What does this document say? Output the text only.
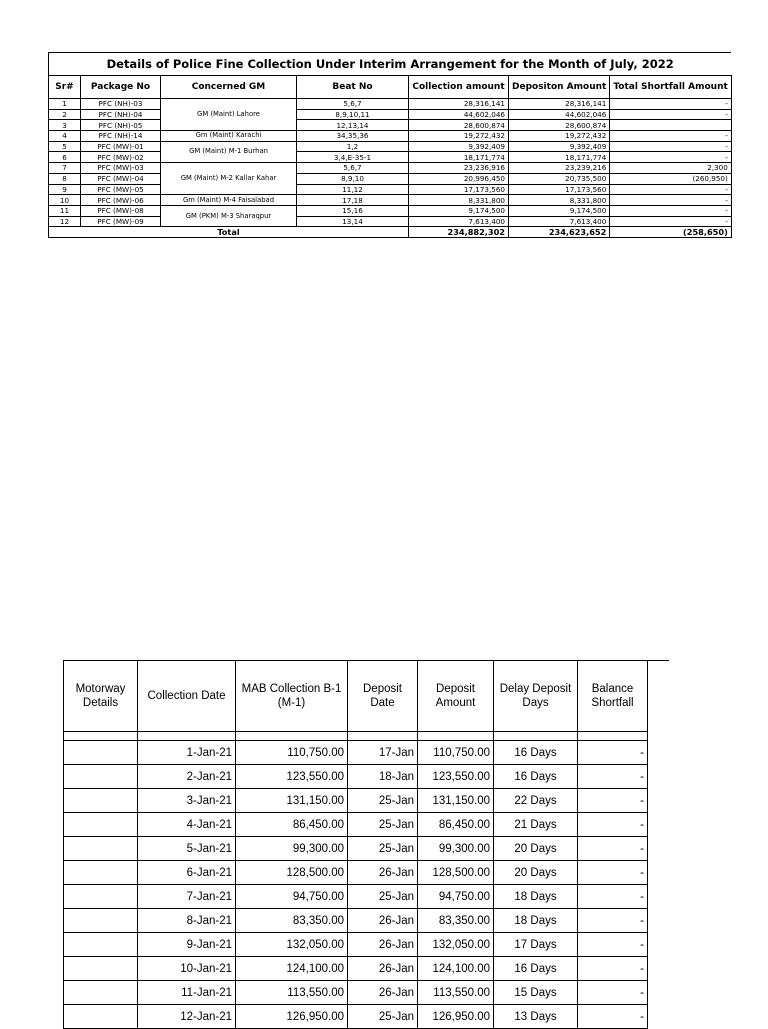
Details of Police Fine Collection Under Interim Arrangement for the Month of July, 2022						
Sr#	Package No	Concerned GM	Beat No	Collection amount	Depositon Amount	Total Shortfall Amount
1	PFC (NH)-03	GM (Maint) Lahore	5,6,7	28,316,141	28,316,141	-
2	PFC (NH)-04		8,9,10,11	44,602,046	44,602,046	-
3	PFC (NH)-05		12,13,14	28,600,874	28,600,874	
4	PFC (NH)-14	Gm (Maint) Karachi	34,35,36	19,272,432	19,272,432	-
5	PFC (MW)-01	GM (Maint) M-1 Burhan	1,2	9,392,409	9,392,409	-
6	PFC (MW)-02		3,4,E-35-1	18,171,774	18,171,774	-
7	PFC (MW)-03	GM (Maint) M-2 Kallar Kahar	5,6,7	23,236,916	23,239,216	2,300
8	PFC (MW)-04		8,9,10	20,996,450	20,735,500	(260,950)
9	PFC (MW)-05		11,12	17,173,560	17,173,560	-
10	PFC (MW)-06	Gm (Maint) M-4 Faisalabad	17,18	8,331,800	8,331,800	-
11	PFC (MW)-08	GM (PKM) M-3 Sharaqpur	15,16	9,174,500	9,174,500	-
12	PFC (MW)-09		13,14	7,613,400	7,613,400	-
Total				234,882,302	234,623,652	(258,650)
Motorway Details	Collection Date	MAB Collection B-1 (M-1)	Deposit Date	Deposit Amount	Delay Deposit Days	Balance Shortfall

	1-Jan-21	110,750.00	17-Jan	110,750.00	16 Days	-
	2-Jan-21	123,550.00	18-Jan	123,550.00	16 Days	-
	3-Jan-21	131,150.00	25-Jan	131,150.00	22 Days	-
	4-Jan-21	86,450.00	25-Jan	86,450.00	21 Days	-
	5-Jan-21	99,300.00	25-Jan	99,300.00	20 Days	-
	6-Jan-21	128,500.00	26-Jan	128,500.00	20 Days	-
	7-Jan-21	94,750.00	25-Jan	94,750.00	18 Days	-
	8-Jan-21	83,350.00	26-Jan	83,350.00	18 Days	-
	9-Jan-21	132,050.00	26-Jan	132,050.00	17 Days	-
	10-Jan-21	124,100.00	26-Jan	124,100.00	16 Days	-
	11-Jan-21	113,550.00	26-Jan	113,550.00	15 Days	-
	12-Jan-21	126,950.00	25-Jan	126,950.00	13 Days	-
